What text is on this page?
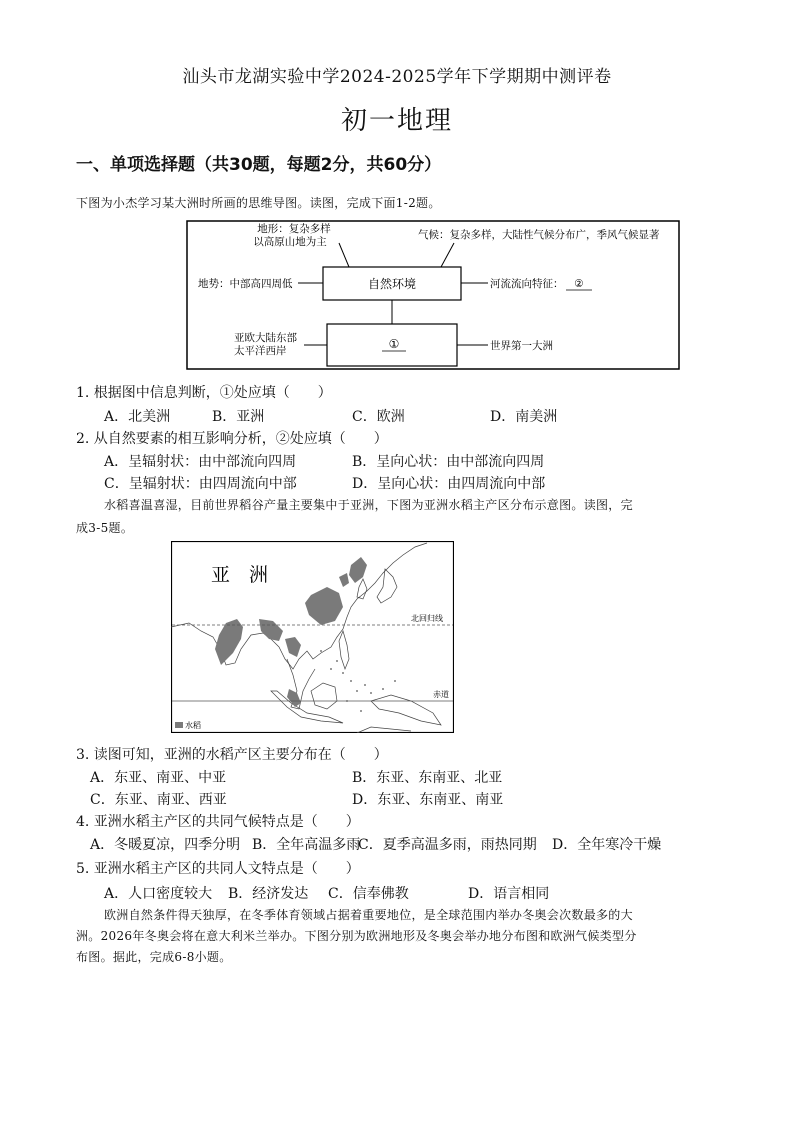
汕头市龙湖实验中学2024-2025学年下学期期中测评卷
初一地理
一、单项选择题（共30题，每题2分，共60分）
下图为小杰学习某大洲时所画的思维导图。读图，完成下面1-2题。
自然环境
①
地形：复杂多样
以高原山地为主
气候：复杂多样，大陆性气候分布广，季风气候显著
地势：中部高四周低	河流流向特征： ②
亚欧大陆东部
太平洋西岸	世界第一大洲
1. 根据图中信息判断，①处应填（　　）
A．北美洲	B．亚洲	C．欧洲	D．南美洲
2. 从自然要素的相互影响分析，②处应填（　　）
A．呈辐射状：由中部流向四周	B．呈向心状：由中部流向四周
C．呈辐射状：由四周流向中部	D．呈向心状：由四周流向中部
水稻喜温喜湿，目前世界稻谷产量主要集中于亚洲，下图为亚洲水稻主产区分布示意图。读图，完
成3-5题。
亚　洲
北回归线
赤道
水稻
3. 读图可知，亚洲的水稻产区主要分布在（　　）
A．东亚、南亚、中亚	B．东亚、东南亚、北亚
C．东亚、南亚、西亚	D．东亚、东南亚、南亚
4. 亚洲水稻主产区的共同气候特点是（　　）
A．冬暖夏凉，四季分明 B．全年高温多雨
C．夏季高温多雨，雨热同期 D．全年寒冷干燥
5. 亚洲水稻主产区的共同人文特点是（　　）
A．人口密度较大 B．经济发达 C．信奉佛教	D．语言相同
欧洲自然条件得天独厚，在冬季体育领域占据着重要地位，是全球范围内举办冬奥会次数最多的大
洲。2026年冬奥会将在意大利米兰举办。下图分别为欧洲地形及冬奥会举办地分布图和欧洲气候类型分
布图。据此，完成6-8小题。
